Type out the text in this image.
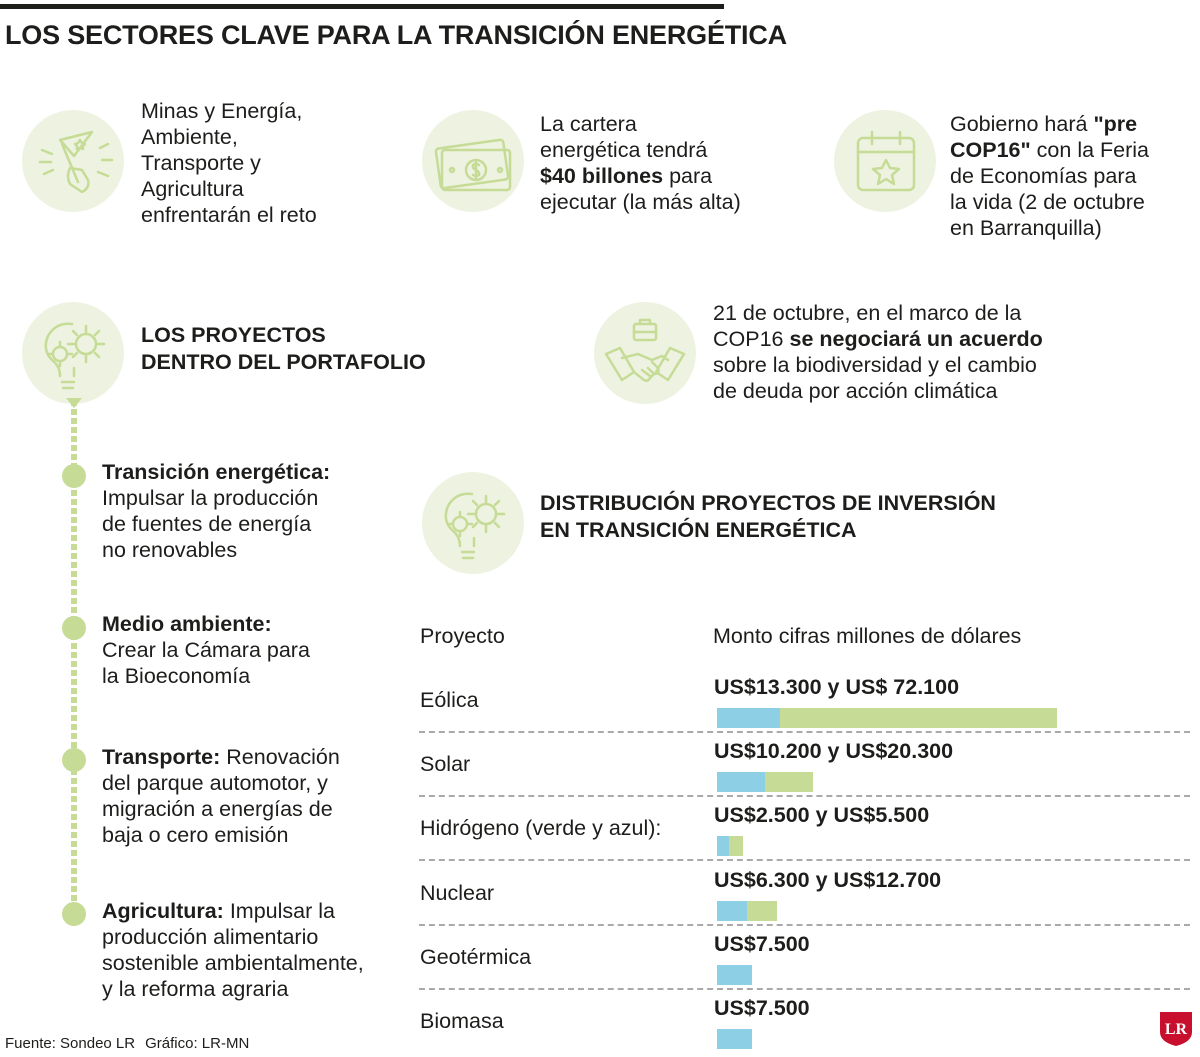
LOS SECTORES CLAVE PARA LA TRANSICIÓN ENERGÉTICA
Minas y Energía,
Ambiente,
Transporte y
Agricultura
enfrentarán el reto
La cartera
energética tendrá
$40 billones para
ejecutar (la más alta)
Gobierno hará "pre
COP16" con la Feria
de Economías para
la vida (2 de octubre
en Barranquilla)
21 de octubre, en el marco de la
COP16 se negociará un acuerdo
sobre la biodiversidad y el cambio
de deuda por acción climática
LOS PROYECTOS
DENTRO DEL PORTAFOLIO
Transición energética:
Impulsar la producción
de fuentes de energía
no renovables
Medio ambiente:
Crear la Cámara para
la Bioeconomía
Transporte: Renovación
del parque automotor, y
migración a energías de
baja o cero emisión
Agricultura: Impulsar la
producción alimentario
sostenible ambientalmente,
y la reforma agraria
DISTRIBUCIÓN PROYECTOS DE INVERSIÓN
EN TRANSICIÓN ENERGÉTICA
Proyecto	Monto cifras millones de dólares
Eólica
US$13.300 y US$ 72.100
Solar
US$10.200 y US$20.300
Hidrógeno (verde y azul):
US$2.500 y US$5.500
Nuclear
US$6.300 y US$12.700
Geotérmica
US$7.500
Biomasa
US$7.500
Fuente: Sondeo LR Gráfico: LR-MN
LR
